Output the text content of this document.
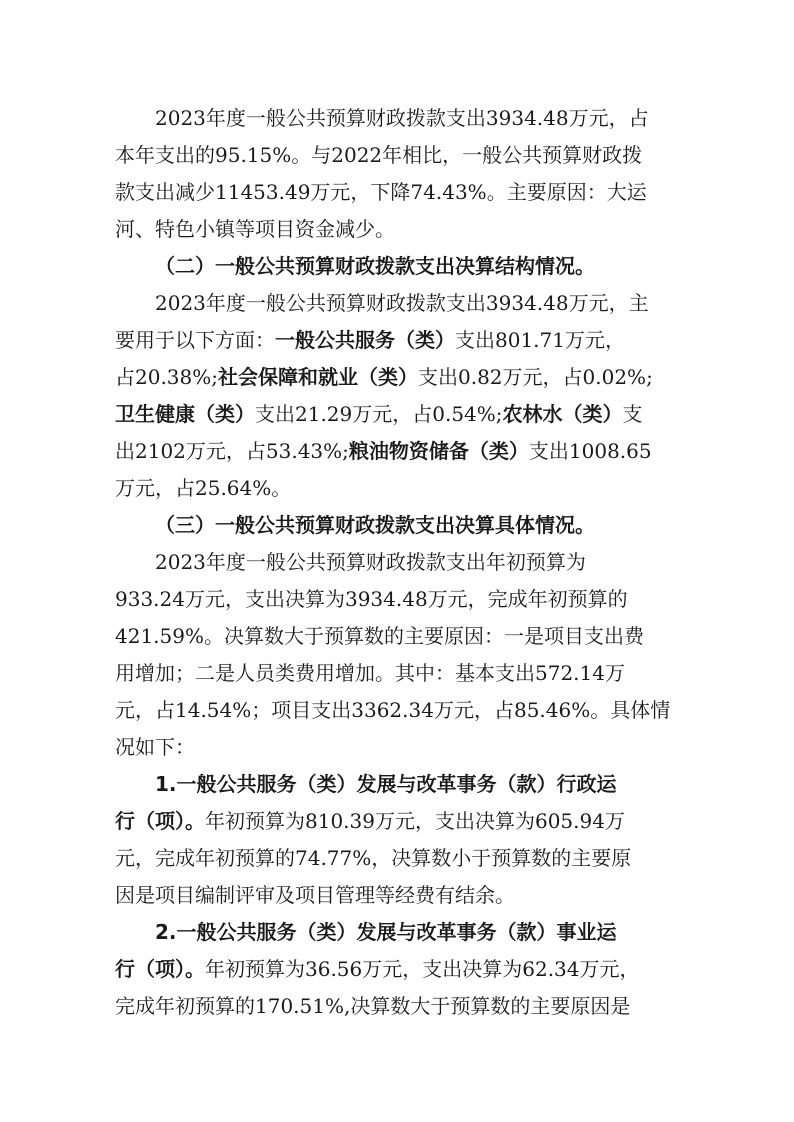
2023年度一般公共预算财政拨款支出3934.48万元，占
本年支出的95.15%。与2022年相比，一般公共预算财政拨
款支出减少11453.49万元，下降74.43%。主要原因：大运
河、特色小镇等项目资金减少。
（二）一般公共预算财政拨款支出决算结构情况。
2023年度一般公共预算财政拨款支出3934.48万元，主
要用于以下方面：一般公共服务（类）支出801.71万元，
占20.38%;社会保障和就业（类）支出0.82万元，占0.02%;
卫生健康（类）支出21.29万元，占0.54%;农林水（类）支
出2102万元，占53.43%;粮油物资储备（类）支出1008.65
万元，占25.64%。
（三）一般公共预算财政拨款支出决算具体情况。
2023年度一般公共预算财政拨款支出年初预算为
933.24万元，支出决算为3934.48万元，完成年初预算的
421.59%。决算数大于预算数的主要原因：一是项目支出费
用增加；二是人员类费用增加。其中：基本支出572.14万
元，占14.54%；项目支出3362.34万元，占85.46%。具体情
况如下：
1.一般公共服务（类）发展与改革事务（款）行政运
行（项）。年初预算为810.39万元，支出决算为605.94万
元，完成年初预算的74.77%，决算数小于预算数的主要原
因是项目编制评审及项目管理等经费有结余。
2.一般公共服务（类）发展与改革事务（款）事业运
行（项）。年初预算为36.56万元，支出决算为62.34万元，
完成年初预算的170.51%,决算数大于预算数的主要原因是
